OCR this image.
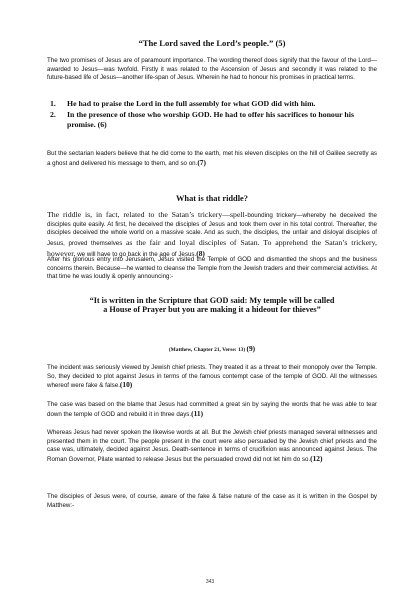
“The Lord saved the Lord’s people.” (5)

The two promises of Jesus are of paramount importance. The wording thereof does signify that the favour of the Lord—awarded to Jesus—was twofold. Firstly it was related to the Ascension of Jesus and secondly it was related to the future-based life of Jesus—another life-span of Jesus. Wherein he had to honour his promises in practical terms.

1. He had to praise the Lord in the full assembly for what GOD did with him.
2. In the presence of those who worship GOD. He had to offer his sacrifices to honour his promise. (6)

But the sectarian leaders believe that he did come to the earth, met his eleven disciples on the hill of Galilee secretly as a ghost and delivered his message to them, and so on.(7)

What is that riddle?

The riddle is, in fact, related to the Satan’s trickery—spell-bounding trickery—whereby he deceived the disciples quite easily. At first, he deceived the disciples of Jesus and took them over in his total control. Thereafter, the disciples deceived the whole world on a massive scale. And as such, the disciples, the unfair and disloyal disciples of Jesus, proved themselves as the fair and loyal disciples of Satan. To apprehend the Satan’s trickery, however, we will have to go back in the age of Jesus.(8)

After his glorious entry into Jerusalem, Jesus visited the Temple of GOD and dismantled the shops and the business concerns therein. Because—he wanted to cleanse the Temple from the Jewish traders and their commercial activities. At that time he was loudly & openly announcing:-

“It is written in the Scripture that GOD said: My temple will be called a House of Prayer but you are making it a hideout for thieves”
(Matthew, Chapter 21, Verse: 13) (9)

The incident was seriously viewed by Jewish chief priests. They treated it as a threat to their monopoly over the Temple. So, they decided to plot against Jesus in terms of the famous contempt case of the temple of GOD. All the witnesses whereof were fake & false.(10)

The case was based on the blame that Jesus had committed a great sin by saying the words that he was able to tear down the temple of GOD and rebuild it in three days.(11)

Whereas Jesus had never spoken the likewise words at all. But the Jewish chief priests managed several witnesses and presented them in the court. The people present in the court were also persuaded by the Jewish chief priests and the case was, ultimately, decided against Jesus. Death-sentence in terms of crucifixion was announced against Jesus. The Roman Governor, Pilate wanted to release Jesus but the persuaded crowd did not let him do so.(12)

The disciples of Jesus were, of course, aware of the fake & false nature of the case as it is written in the Gospel by Matthew:-

343
